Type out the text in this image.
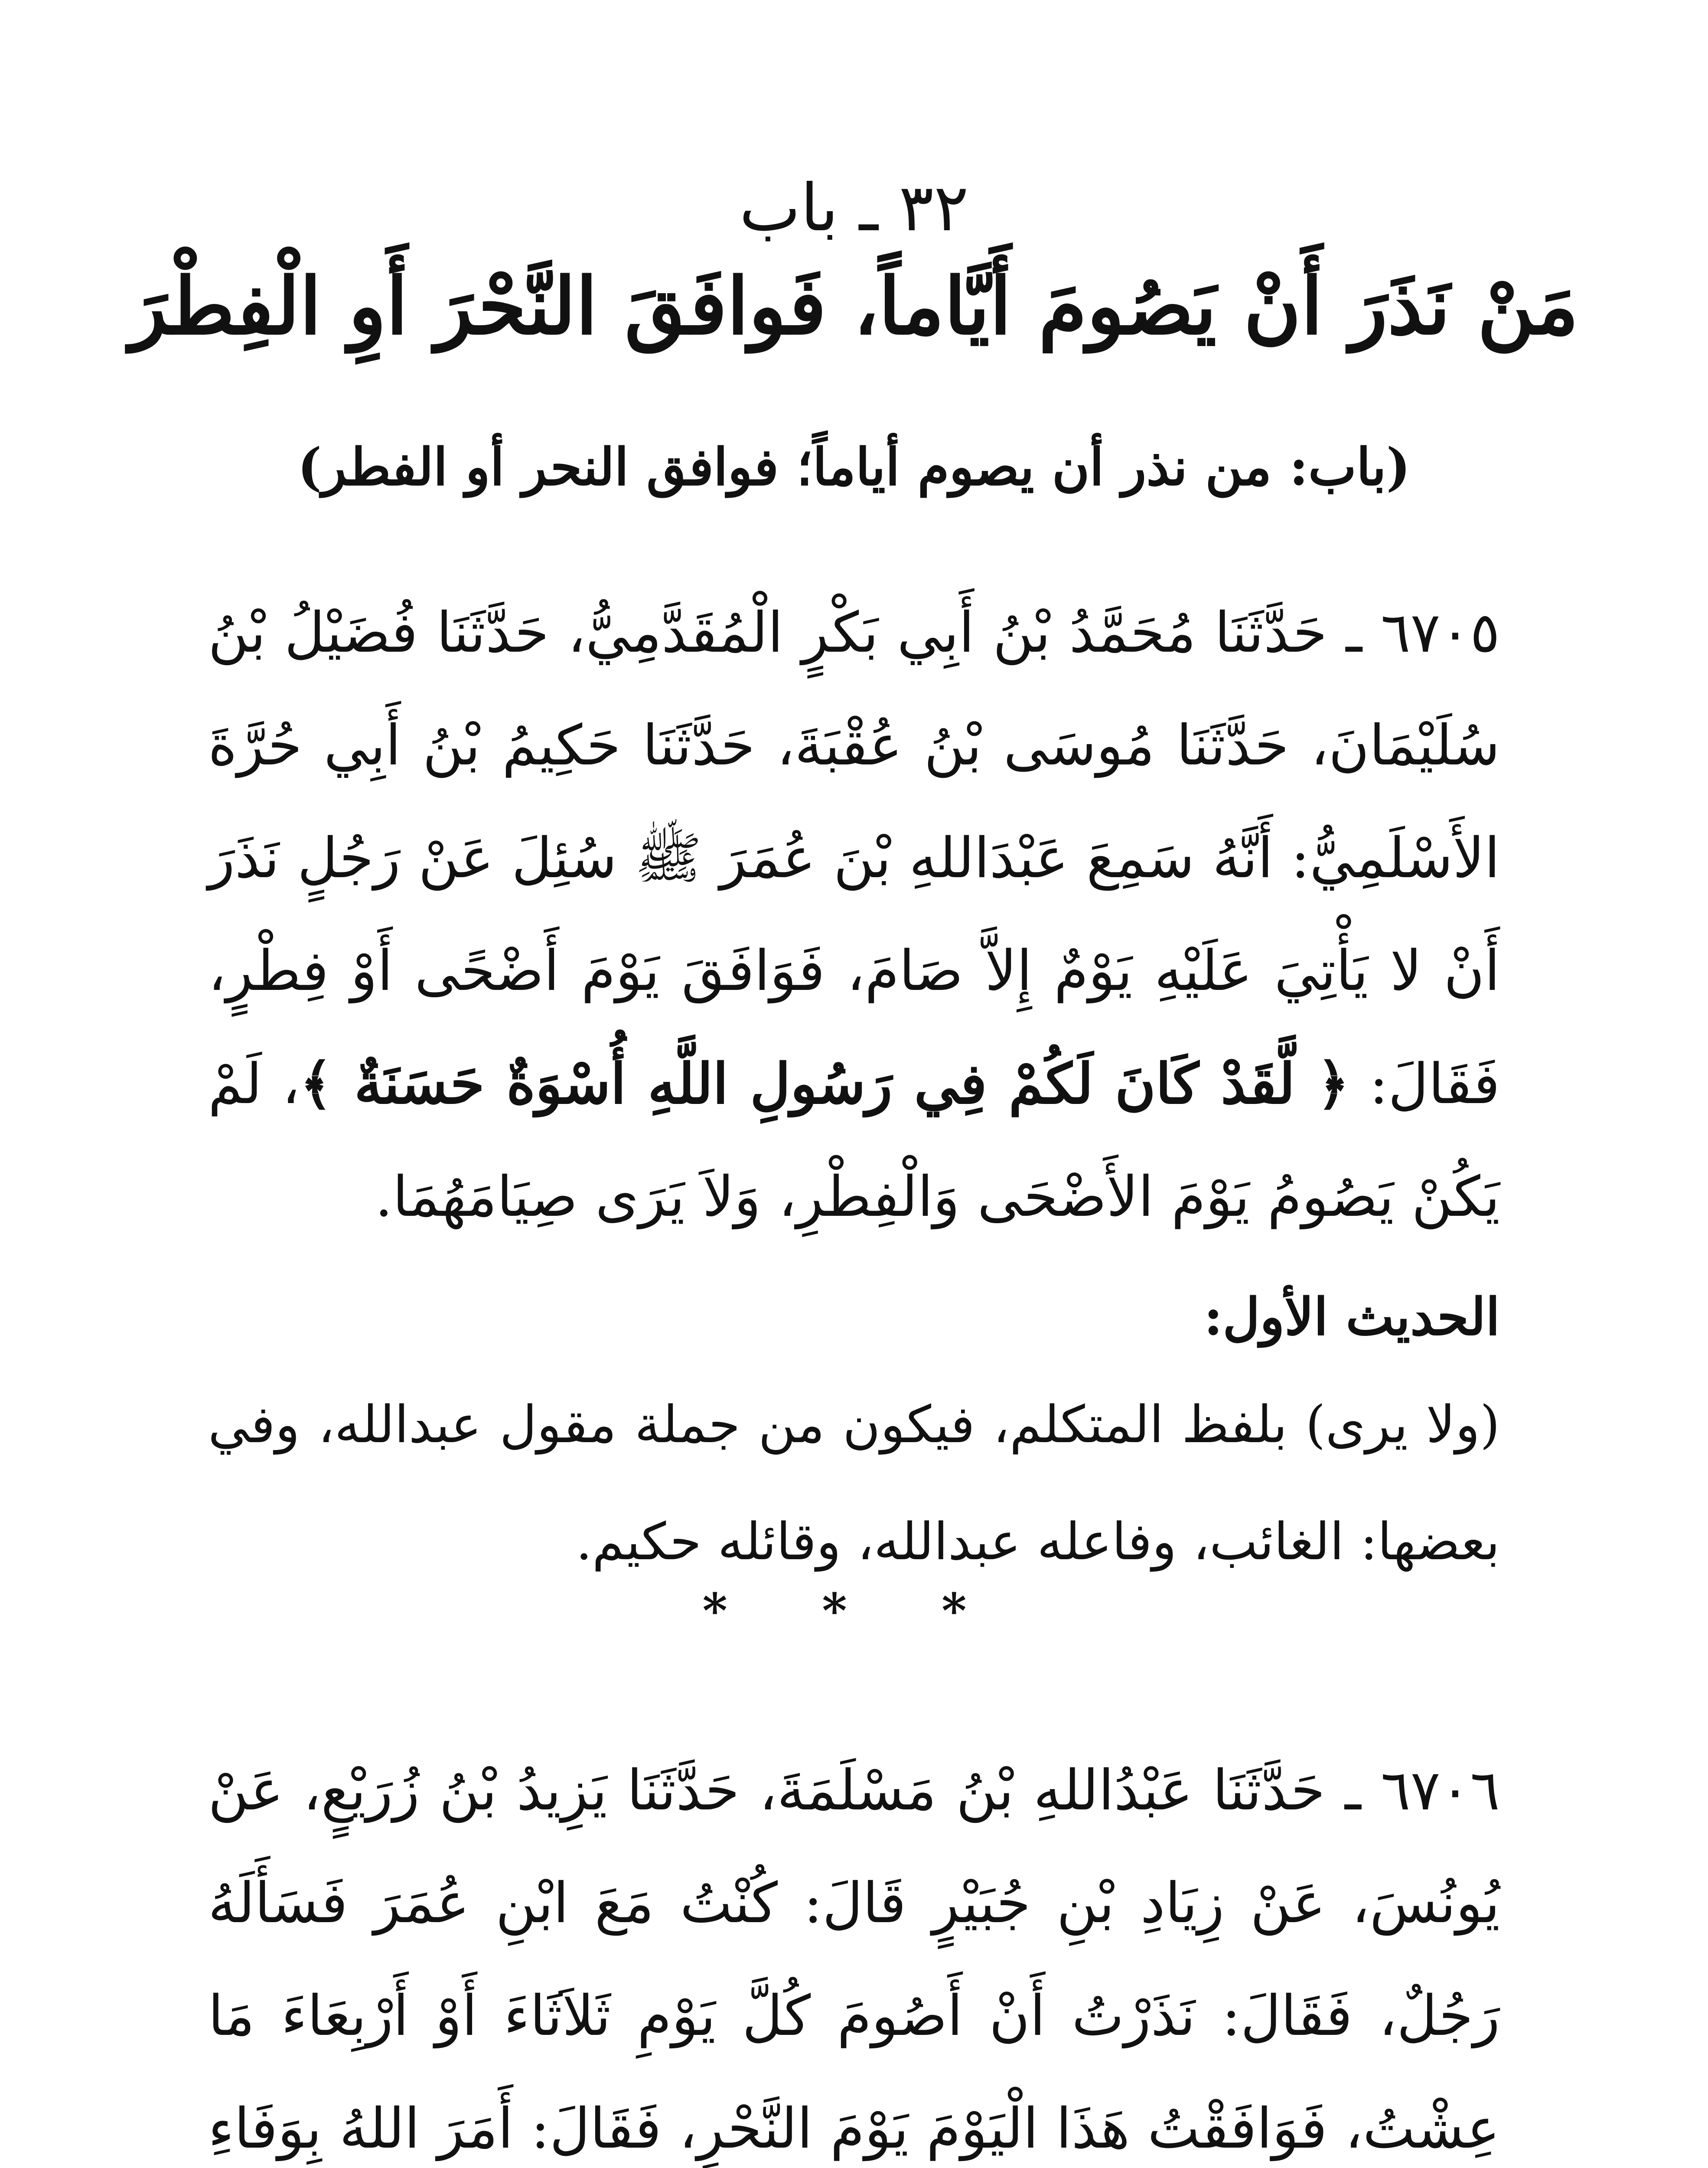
٣٢ ـ باب
مَنْ نَذَرَ أَنْ يَصُومَ أَيَّاماً، فَوافَقَ النَّحْرَ أَوِ الْفِطْرَ
(باب: من نذر أن يصوم أياماً؛ فوافق النحر أو الفطر)

٦٧٠٥ ـ حَدَّثَنَا مُحَمَّدُ بْنُ أَبِي بَكْرٍ الْمُقَدَّمِيُّ، حَدَّثَنَا فُضَيْلُ بْنُ سُلَيْمَانَ، حَدَّثَنَا مُوسَى بْنُ عُقْبَةَ، حَدَّثَنَا حَكِيمُ بْنُ أَبِي حُرَّةَ الأَسْلَمِيُّ: أَنَّهُ سَمِعَ عَبْدَاللهِ بْنَ عُمَرَ ﷺ سُئِلَ عَنْ رَجُلٍ نَذَرَ أَنْ لا يَأْتِيَ عَلَيْهِ يَوْمٌ إِلاَّ صَامَ، فَوَافَقَ يَوْمَ أَضْحًى أَوْ فِطْرٍ، فَقَالَ: ﴿ لَّقَدْ كَانَ لَكُمْ فِي رَسُولِ اللَّهِ أُسْوَةٌ حَسَنَةٌ ﴾، لَمْ يَكُنْ يَصُومُ يَوْمَ الأَضْحَى وَالْفِطْرِ، وَلاَ يَرَى صِيَامَهُمَا.

الحديث الأول:

(ولا يرى) بلفظ المتكلم، فيكون من جملة مقول عبدالله، وفي بعضها: الغائب، وفاعله عبدالله، وقائله حكيم.

* * *

٦٧٠٦ ـ حَدَّثَنَا عَبْدُاللهِ بْنُ مَسْلَمَةَ، حَدَّثَنَا يَزِيدُ بْنُ زُرَيْعٍ، عَنْ يُونُسَ، عَنْ زِيَادِ بْنِ جُبَيْرٍ قَالَ: كُنْتُ مَعَ ابْنِ عُمَرَ فَسَأَلَهُ رَجُلٌ، فَقَالَ: نَذَرْتُ أَنْ أَصُومَ كُلَّ يَوْمِ ثَلاَثَاءَ أَوْ أَرْبِعَاءَ مَا عِشْتُ، فَوَافَقْتُ هَذَا الْيَوْمَ يَوْمَ النَّحْرِ، فَقَالَ: أَمَرَ اللهُ بِوَفَاءِ
